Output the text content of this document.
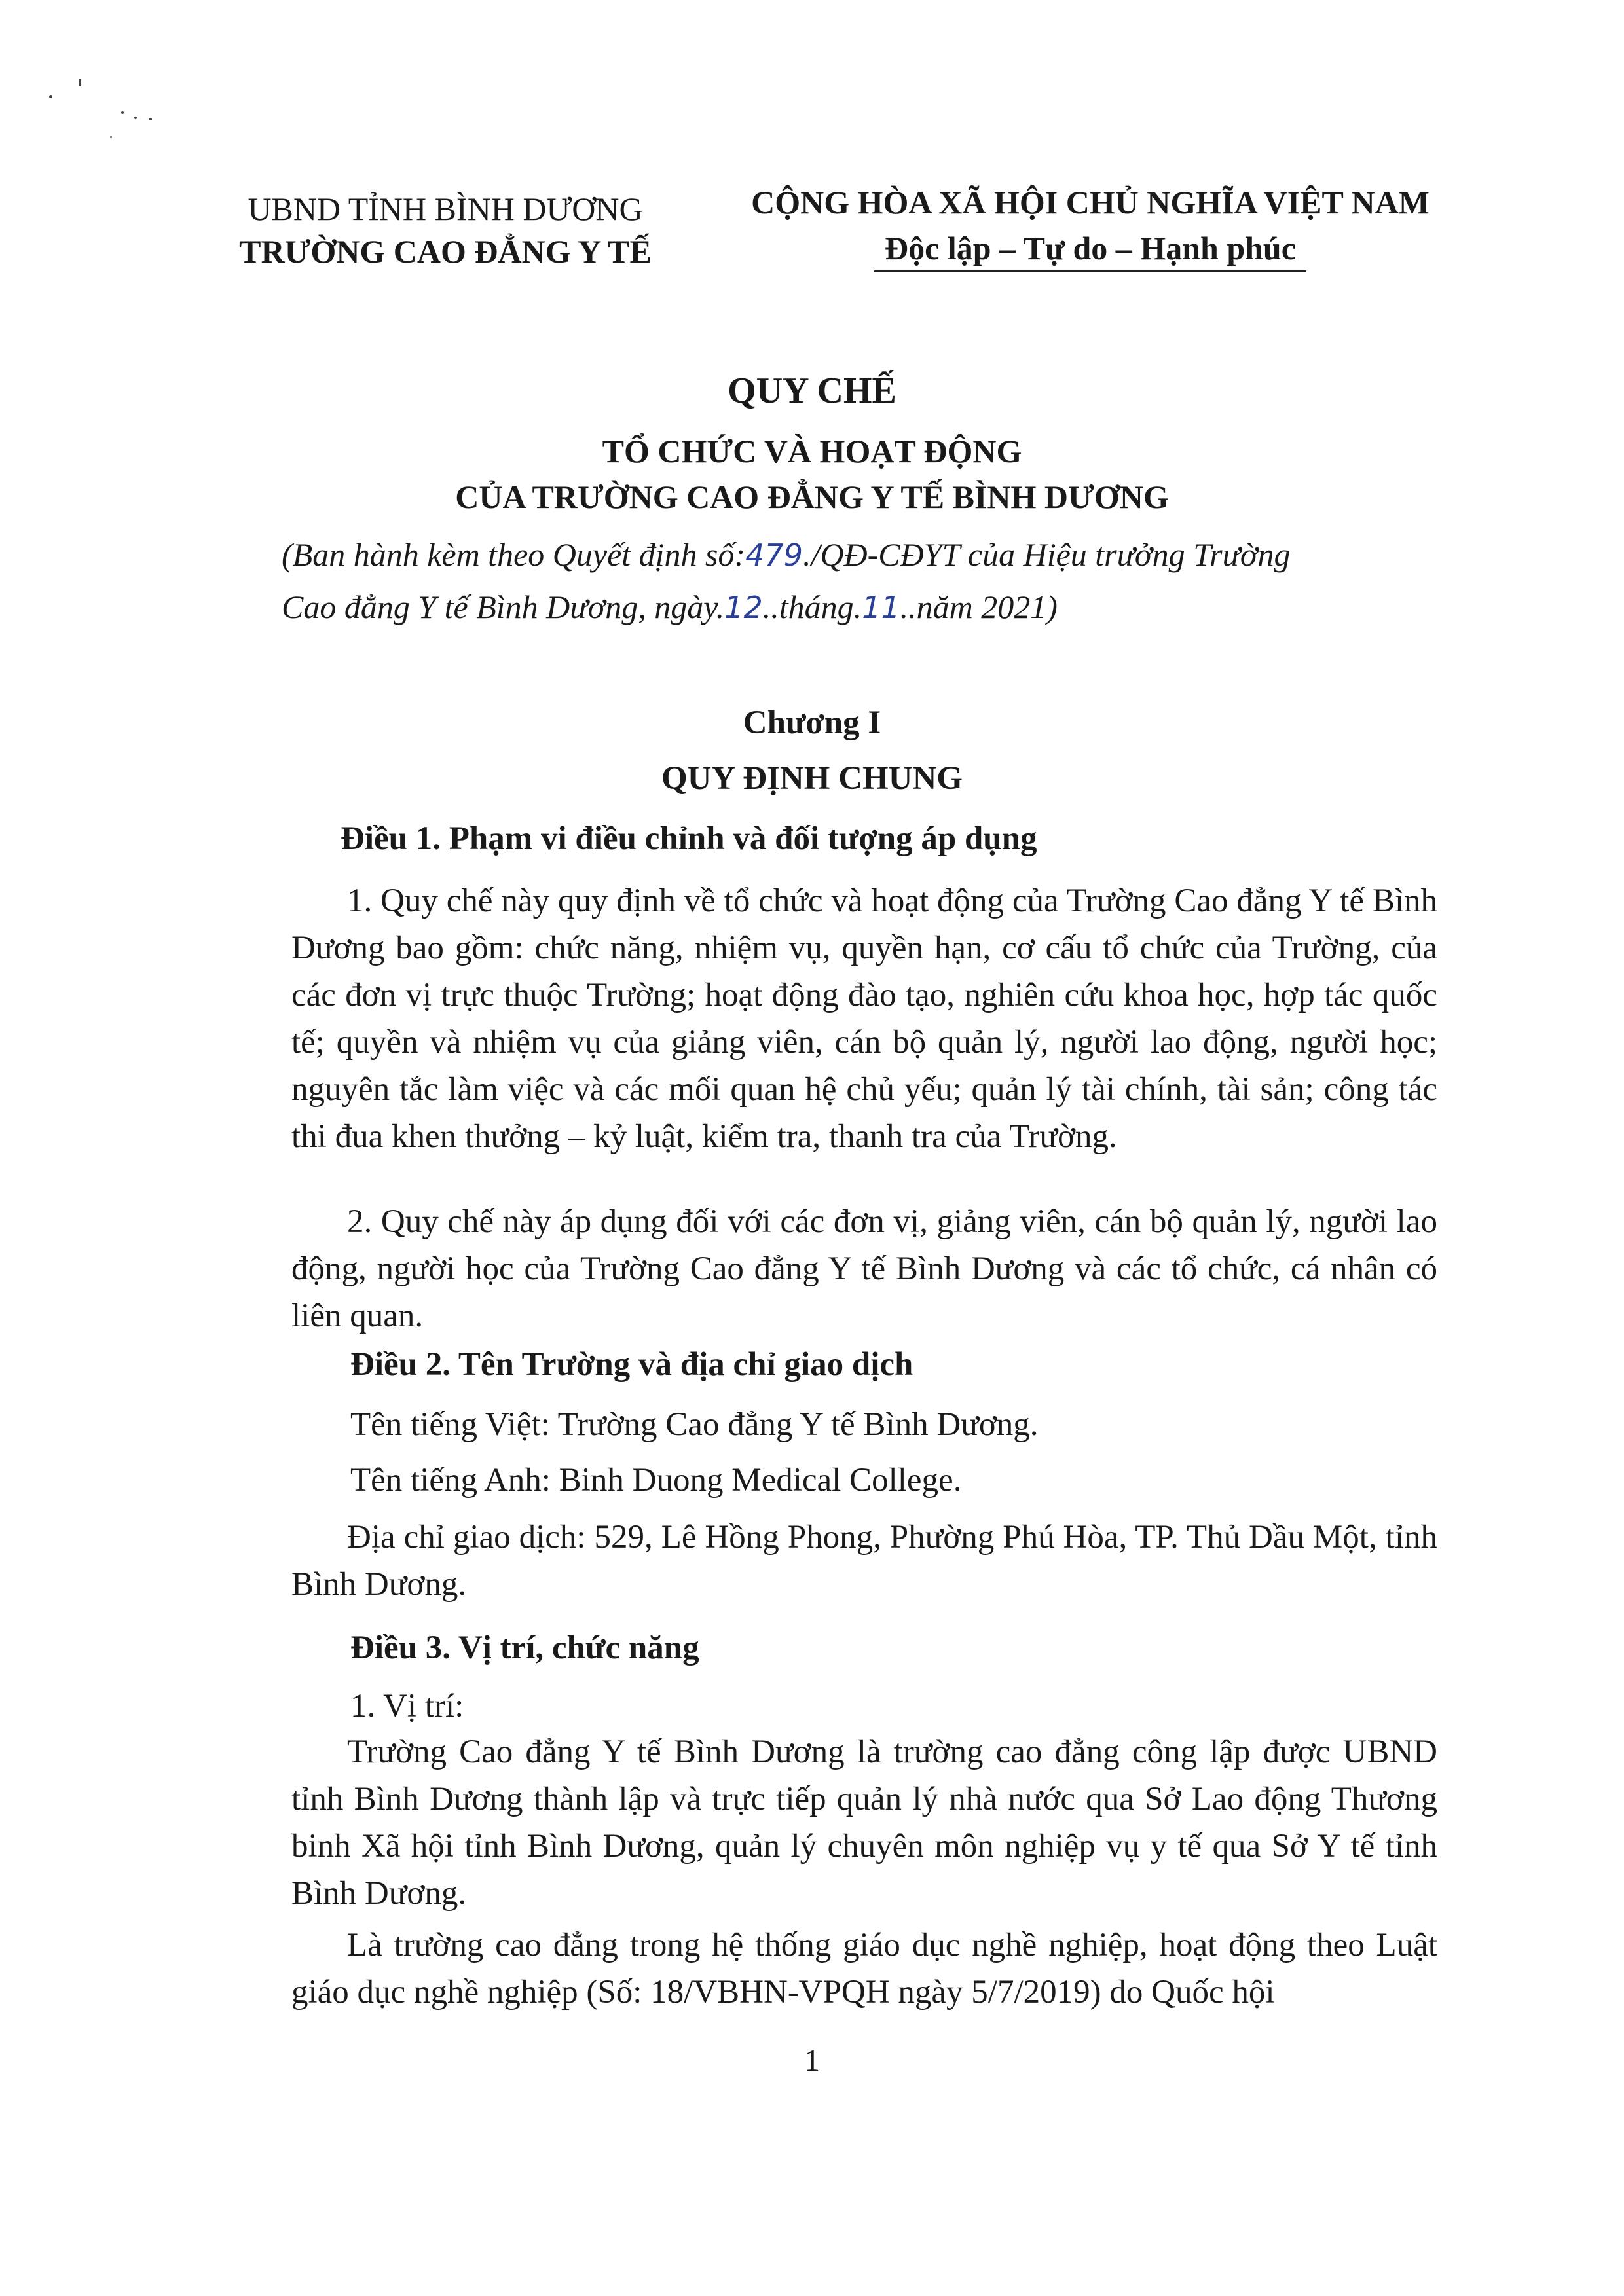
UBND TỈNH BÌNH DƯƠNG
TRƯỜNG CAO ĐẲNG Y TẾ
CỘNG HÒA XÃ HỘI CHỦ NGHĨA VIỆT NAM
Độc lập – Tự do – Hạnh phúc
QUY CHẾ
TỔ CHỨC VÀ HOẠT ĐỘNG
CỦA TRƯỜNG CAO ĐẲNG Y TẾ BÌNH DƯƠNG
(Ban hành kèm theo Quyết định số:479./QĐ-CĐYT của Hiệu trưởng Trường
Cao đẳng Y tế Bình Dương, ngày.12..tháng.11..năm 2021)
Chương I
QUY ĐỊNH CHUNG
Điều 1. Phạm vi điều chỉnh và đối tượng áp dụng
1. Quy chế này quy định về tổ chức và hoạt động của Trường Cao đẳng Y tế Bình Dương bao gồm: chức năng, nhiệm vụ, quyền hạn, cơ cấu tổ chức của Trường, của các đơn vị trực thuộc Trường; hoạt động đào tạo, nghiên cứu khoa học, hợp tác quốc tế; quyền và nhiệm vụ của giảng viên, cán bộ quản lý, người lao động, người học; nguyên tắc làm việc và các mối quan hệ chủ yếu; quản lý tài chính, tài sản; công tác thi đua khen thưởng – kỷ luật, kiểm tra, thanh tra của Trường.
2. Quy chế này áp dụng đối với các đơn vị, giảng viên, cán bộ quản lý, người lao động, người học của Trường Cao đẳng Y tế Bình Dương và các tổ chức, cá nhân có liên quan.
Điều 2. Tên Trường và địa chỉ giao dịch
Tên tiếng Việt: Trường Cao đẳng Y tế Bình Dương.
Tên tiếng Anh: Binh Duong Medical College.
Địa chỉ giao dịch: 529, Lê Hồng Phong, Phường Phú Hòa, TP. Thủ Dầu Một, tỉnh Bình Dương.
Điều 3. Vị trí, chức năng
1. Vị trí:
Trường Cao đẳng Y tế Bình Dương là trường cao đẳng công lập được UBND tỉnh Bình Dương thành lập và trực tiếp quản lý nhà nước qua Sở Lao động Thương binh Xã hội tỉnh Bình Dương, quản lý chuyên môn nghiệp vụ y tế qua Sở Y tế tỉnh Bình Dương.
Là trường cao đẳng trong hệ thống giáo dục nghề nghiệp, hoạt động theo Luật giáo dục nghề nghiệp (Số: 18/VBHN-VPQH ngày 5/7/2019) do Quốc hội
1
